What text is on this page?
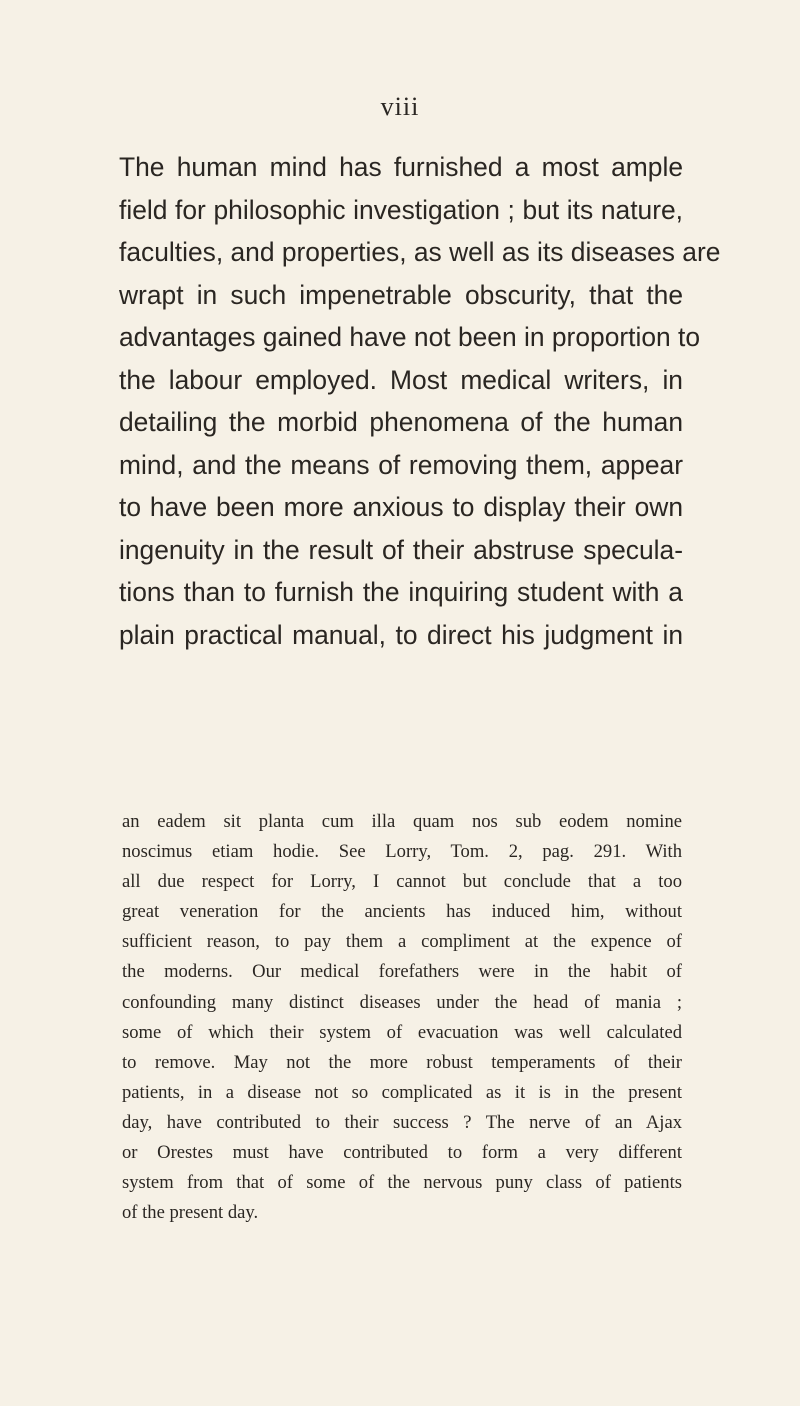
viii
The human mind has furnished a most ample
field for philosophic investigation ; but its nature,
faculties, and properties, as well as its diseases are
wrapt in such impenetrable obscurity, that the
advantages gained have not been in proportion to
the labour employed. Most medical writers, in
detailing the morbid phenomena of the human
mind, and the means of removing them, appear
to have been more anxious to display their own
ingenuity in the result of their abstruse specula-
tions than to furnish the inquiring student with a
plain practical manual, to direct his judgment in
an eadem sit planta cum illa quam nos sub eodem nomine
noscimus etiam hodie. See Lorry, Tom. 2, pag. 291. With
all due respect for Lorry, I cannot but conclude that a too
great veneration for the ancients has induced him, without
sufficient reason, to pay them a compliment at the expence of
the moderns. Our medical forefathers were in the habit of
confounding many distinct diseases under the head of mania ;
some of which their system of evacuation was well calculated
to remove. May not the more robust temperaments of their
patients, in a disease not so complicated as it is in the present
day, have contributed to their success ? The nerve of an Ajax
or Orestes must have contributed to form a very different
system from that of some of the nervous puny class of patients
of the present day.
